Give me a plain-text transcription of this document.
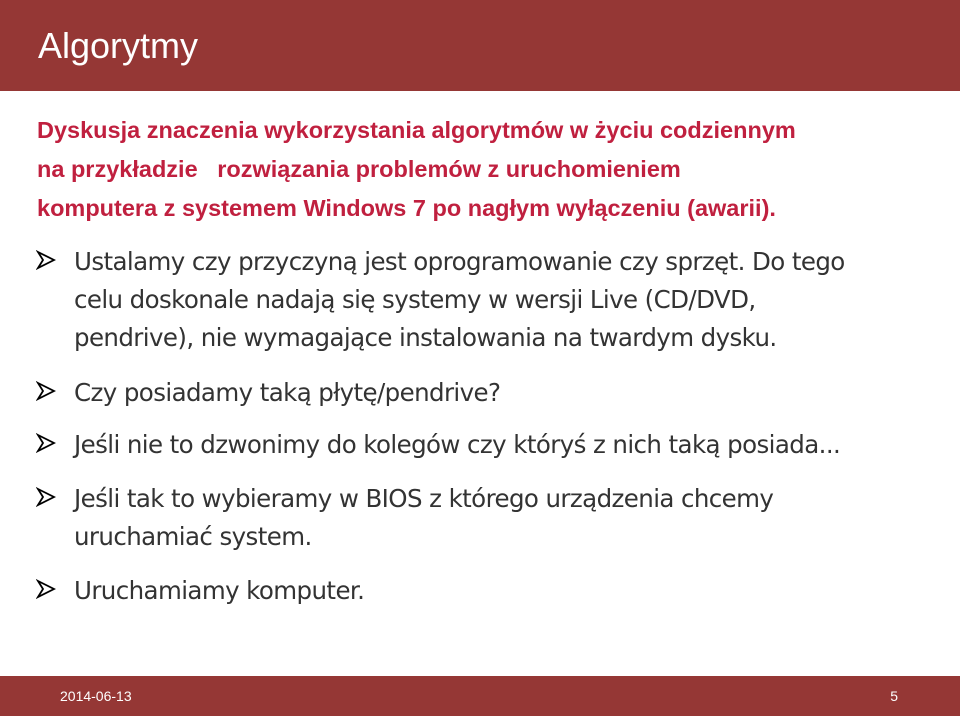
Algorytmy
Dyskusja znaczenia wykorzystania algorytmów w życiu codziennym
na przykładzie   rozwiązania problemów z uruchomieniem
komputera z systemem Windows 7 po nagłym wyłączeniu (awarii).
Ustalamy czy przyczyną jest oprogramowanie czy sprzęt. Do tego
celu doskonale nadają się systemy w wersji Live (CD/DVD,
pendrive), nie wymagające instalowania na twardym dysku.
Czy posiadamy taką płytę/pendrive?
Jeśli nie to dzwonimy do kolegów czy któryś z nich taką posiada...
Jeśli tak to wybieramy w BIOS z którego urządzenia chcemy
uruchamiać system.
Uruchamiamy komputer.
2014-06-13	5
